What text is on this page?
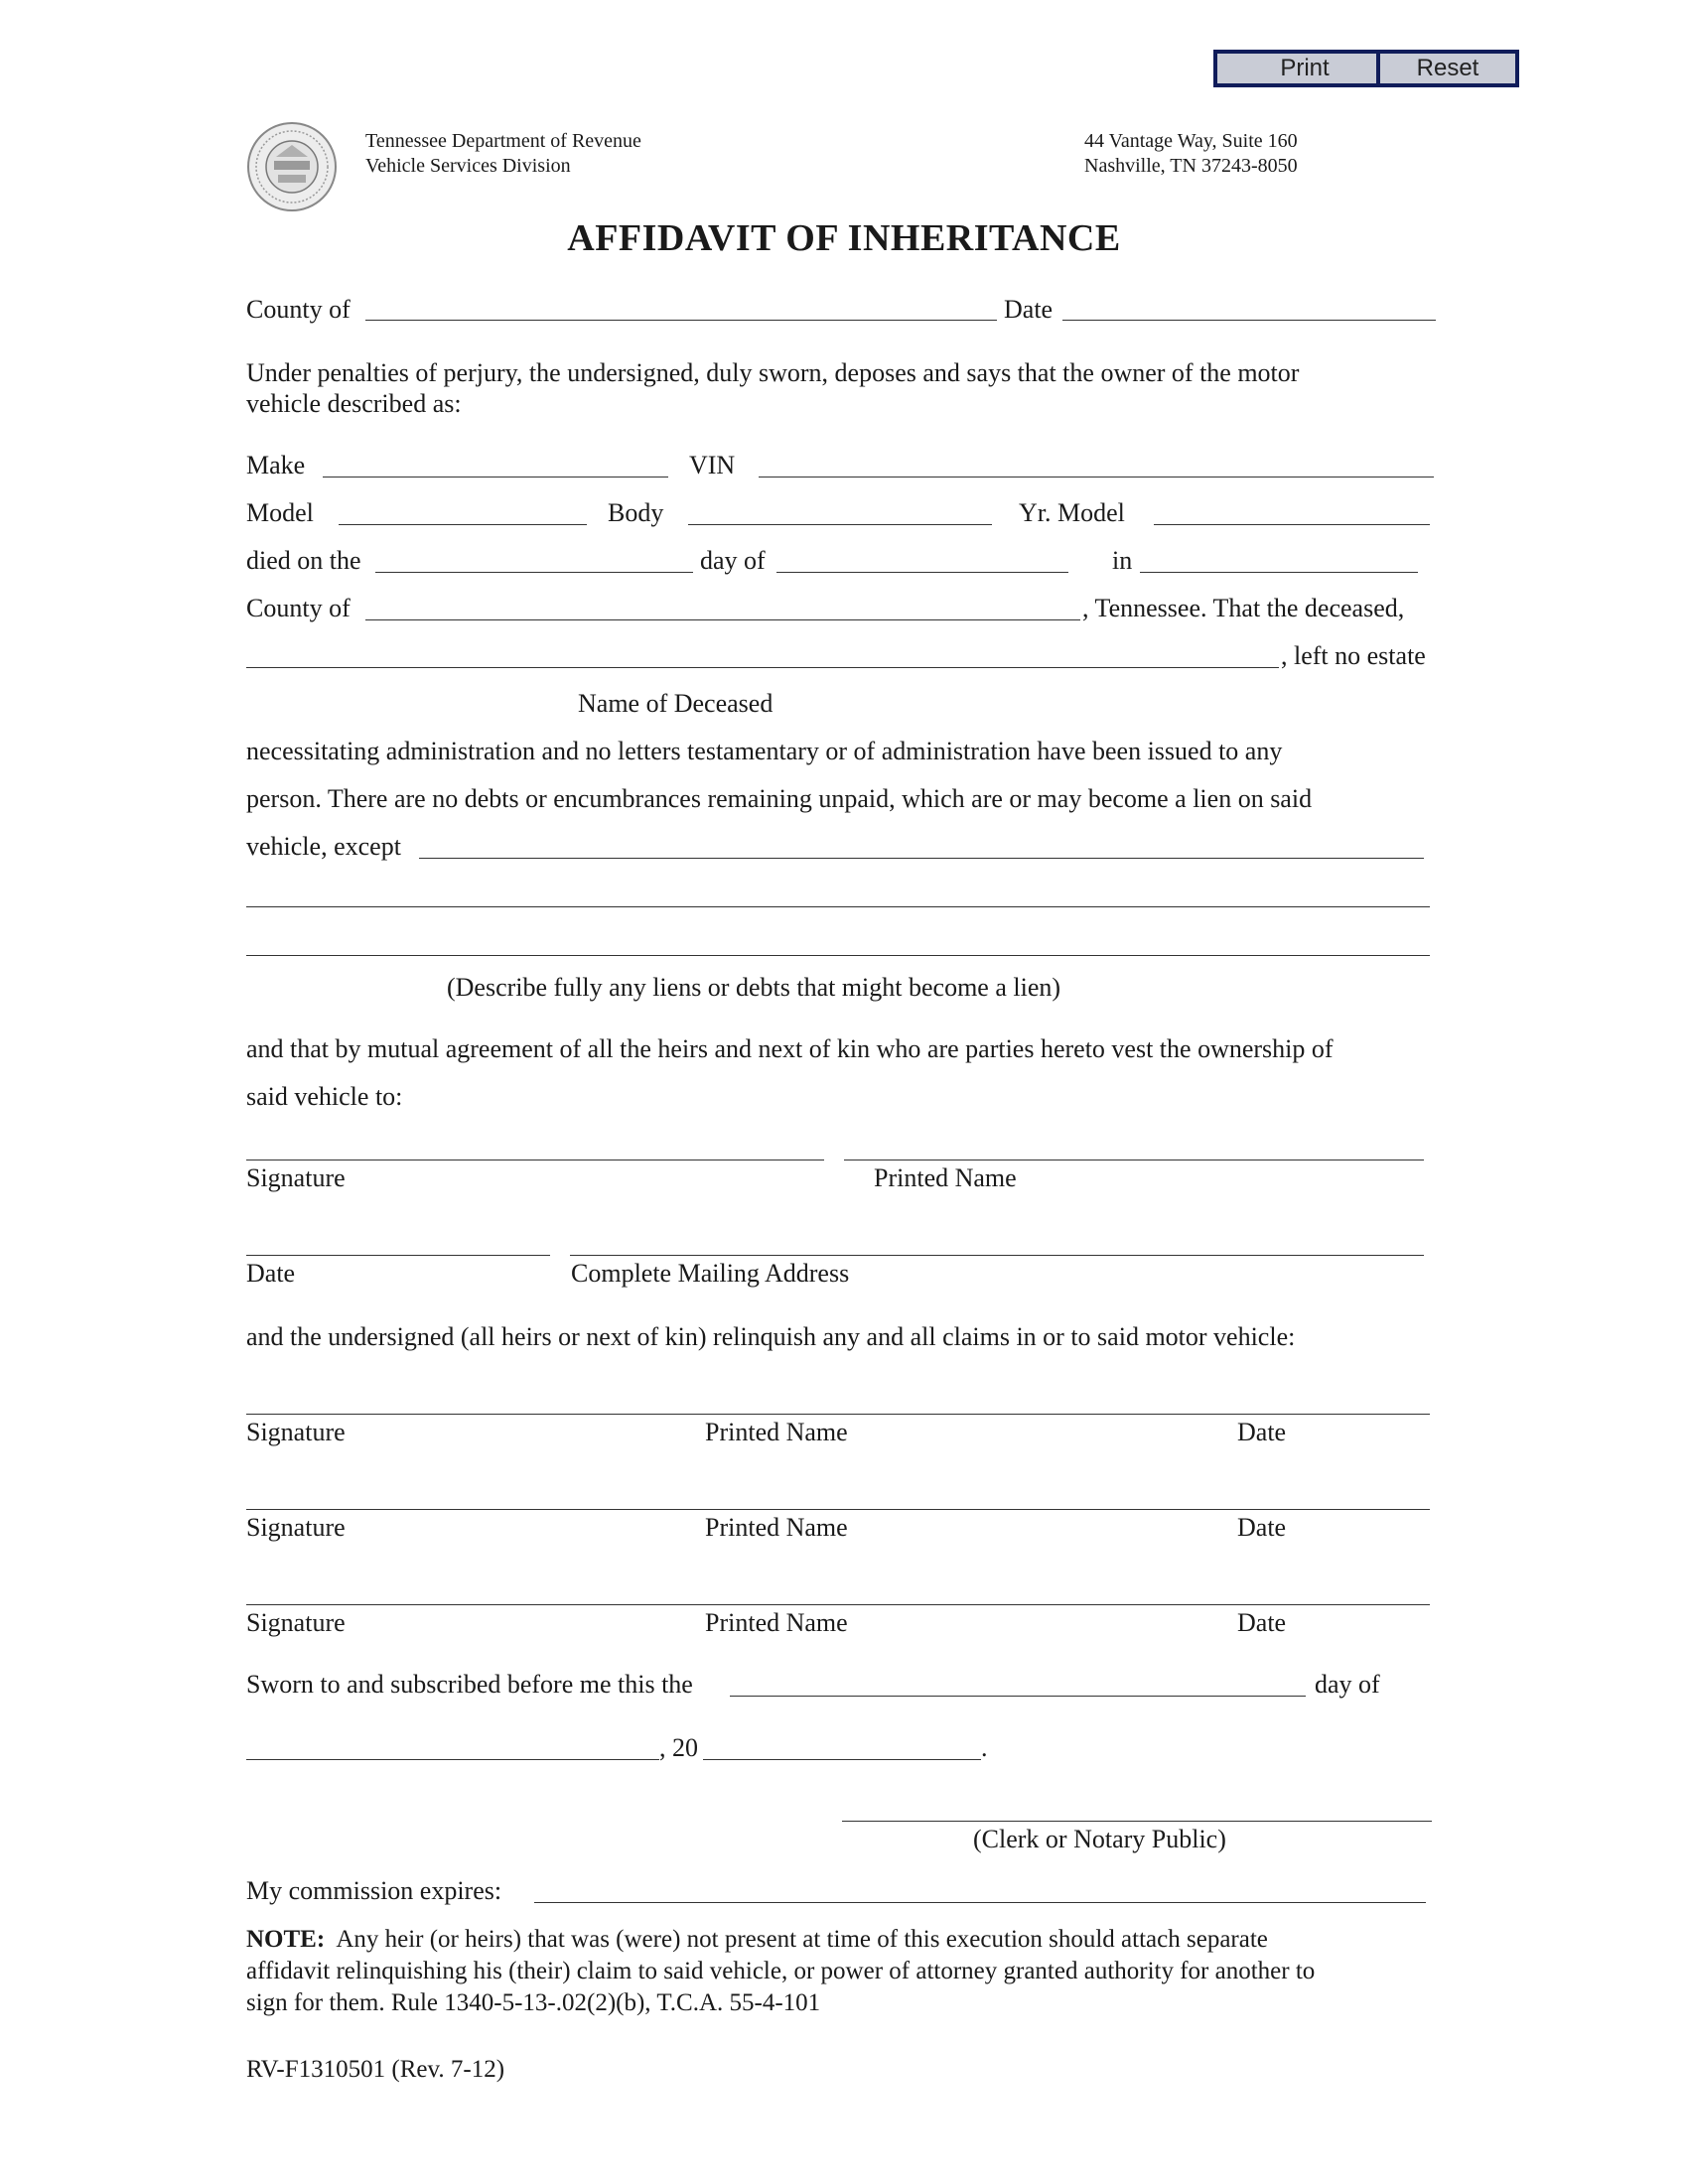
Print	Reset
Tennessee Department of Revenue
Vehicle Services Division
44 Vantage Way, Suite 160
Nashville, TN 37243-8050
AFFIDAVIT OF INHERITANCE
County of	Date
Under penalties of perjury, the undersigned, duly sworn, deposes and says that the owner of the motor
vehicle described as:
Make	VIN
Model	Body	Yr. Model
died on the	day of	in
County of	, Tennessee. That the deceased,
, left no estate
Name of Deceased
necessitating administration and no letters testamentary or of administration have been issued to any
person. There are no debts or encumbrances remaining unpaid, which are or may become a lien on said
vehicle, except
(Describe fully any liens or debts that might become a lien)
and that by mutual agreement of all the heirs and next of kin who are parties hereto vest the ownership of
said vehicle to:
Signature	Printed Name
Date	Complete Mailing Address
and the undersigned (all heirs or next of kin) relinquish any and all claims in or to said motor vehicle:
Signature	Printed Name	Date
Signature	Printed Name	Date
Signature	Printed Name	Date
Sworn to and subscribed before me this the	day of
, 20	.
(Clerk or Notary Public)
My commission expires:
NOTE: Any heir (or heirs) that was (were) not present at time of this execution should attach separate
affidavit relinquishing his (their) claim to said vehicle, or power of attorney granted authority for another to
sign for them. Rule 1340-5-13-.02(2)(b), T.C.A. 55-4-101
RV-F1310501 (Rev. 7-12)
